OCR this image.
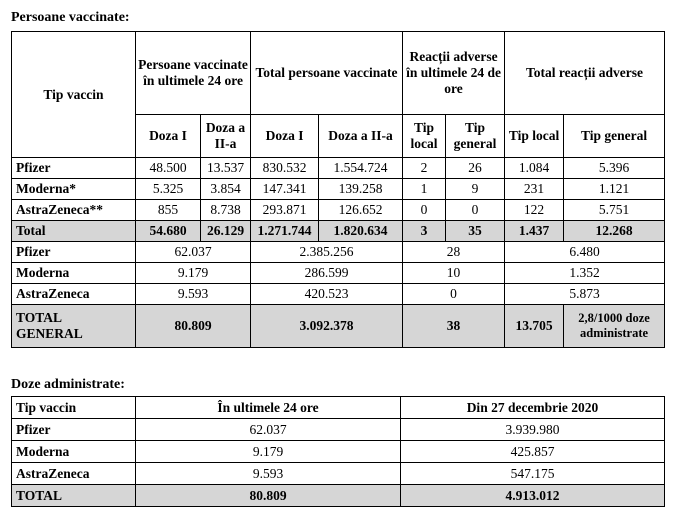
Persoane vaccinate:
Tip vaccin	Persoane vaccinate în ultimele 24 ore		Total persoane vaccinate		Reacții adverse în ultimele 24 de ore		Total reacții adverse	
	Doza I	Doza a II-a	Doza I	Doza a II-a	Tip local	Tip general	Tip local	Tip general
Pfizer	48.500	13.537	830.532	1.554.724	2	26	1.084	5.396
Moderna*	5.325	3.854	147.341	139.258	1	9	231	1.121
AstraZeneca**	855	8.738	293.871	126.652	0	0	122	5.751
Total	54.680	26.129	1.271.744	1.820.634	3	35	1.437	12.268
Pfizer	62.037		2.385.256		28		6.480	
Moderna	9.179		286.599		10		1.352	
AstraZeneca	9.593		420.523		0		5.873	

TOTAL
GENERAL	80.809		3.092.378		38		13.705	2,8/1000 doze administrate
Doze administrate:
Tip vaccin	În ultimele 24 ore	Din 27 decembrie 2020
Pfizer	62.037	3.939.980
Moderna	9.179	425.857
AstraZeneca	9.593	547.175
TOTAL	80.809	4.913.012
